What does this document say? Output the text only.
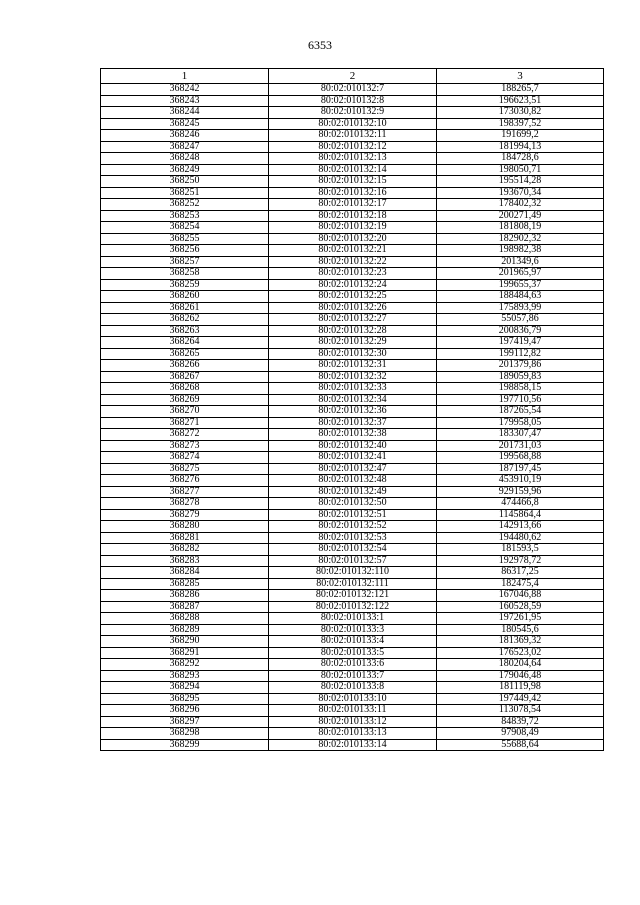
6353
1	2	3
368242	80:02:010132:7	188265,7
368243	80:02:010132:8	196623,51
368244	80:02:010132:9	173030,82
368245	80:02:010132:10	198397,52
368246	80:02:010132:11	191699,2
368247	80:02:010132:12	181994,13
368248	80:02:010132:13	184728,6
368249	80:02:010132:14	198050,71
368250	80:02:010132:15	195514,28
368251	80:02:010132:16	193670,34
368252	80:02:010132:17	178402,32
368253	80:02:010132:18	200271,49
368254	80:02:010132:19	181808,19
368255	80:02:010132:20	182902,32
368256	80:02:010132:21	198982,38
368257	80:02:010132:22	201349,6
368258	80:02:010132:23	201965,97
368259	80:02:010132:24	199655,37
368260	80:02:010132:25	188484,63
368261	80:02:010132:26	175893,99
368262	80:02:010132:27	55057,86
368263	80:02:010132:28	200836,79
368264	80:02:010132:29	197419,47
368265	80:02:010132:30	199112,82
368266	80:02:010132:31	201379,86
368267	80:02:010132:32	189059,83
368268	80:02:010132:33	198858,15
368269	80:02:010132:34	197710,56
368270	80:02:010132:36	187265,54
368271	80:02:010132:37	179958,05
368272	80:02:010132:38	183307,47
368273	80:02:010132:40	201731,03
368274	80:02:010132:41	199568,88
368275	80:02:010132:47	187197,45
368276	80:02:010132:48	453910,19
368277	80:02:010132:49	929159,96
368278	80:02:010132:50	474466,8
368279	80:02:010132:51	1145864,4
368280	80:02:010132:52	142913,66
368281	80:02:010132:53	194480,62
368282	80:02:010132:54	181593,5
368283	80:02:010132:57	192978,72
368284	80:02:010132:110	86317,25
368285	80:02:010132:111	182475,4
368286	80:02:010132:121	167046,88
368287	80:02:010132:122	160528,59
368288	80:02:010133:1	197261,95
368289	80:02:010133:3	180545,6
368290	80:02:010133:4	181369,32
368291	80:02:010133:5	176523,02
368292	80:02:010133:6	180204,64
368293	80:02:010133:7	179046,48
368294	80:02:010133:8	181119,98
368295	80:02:010133:10	197449,42
368296	80:02:010133:11	113078,54
368297	80:02:010133:12	84839,72
368298	80:02:010133:13	97908,49
368299	80:02:010133:14	55688,64
